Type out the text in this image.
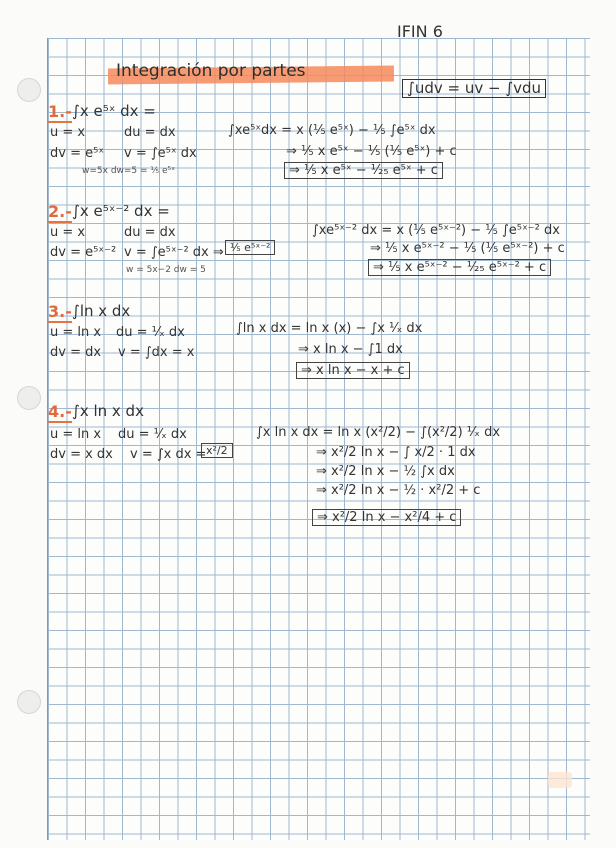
IFIN 6
Integración por partes
∫udv = uv − ∫vdu
1.- ∫x e⁵ˣ dx =
u = x	du = dx
dv = e⁵ˣ v = ∫e⁵ˣ dx
w=5x dw=5 = ⅕ e⁵ˣ
∫xe⁵ˣdx = x (⅕ e⁵ˣ) − ⅕ ∫e⁵ˣ dx
⇒ ⅕ x e⁵ˣ − ⅕ (⅕ e⁵ˣ) + c
⇒ ⅕ x e⁵ˣ − ¹⁄₂₅ e⁵ˣ + c
2.- ∫x e⁵ˣ⁻² dx =
u = x	du = dx
dv = e⁵ˣ⁻² v = ∫e⁵ˣ⁻² dx ⇒ ⅕ e⁵ˣ⁻²
w = 5x−2 dw = 5
∫xe⁵ˣ⁻² dx = x (⅕ e⁵ˣ⁻²) − ⅕ ∫e⁵ˣ⁻² dx
⇒ ⅕ x e⁵ˣ⁻² − ⅕ (⅕ e⁵ˣ⁻²) + c
⇒ ⅕ x e⁵ˣ⁻² − ¹⁄₂₅ e⁵ˣ⁻² + c
3.- ∫ln x dx
u = ln x du = ¹⁄ₓ dx
dv = dx v = ∫dx = x
∫ln x dx = ln x (x) − ∫x ¹⁄ₓ dx
⇒ x ln x − ∫1 dx
⇒ x ln x − x + c
4.- ∫x ln x dx
u = ln x du = ¹⁄ₓ dx
dv = x dx v = ∫x dx = x²/2
∫x ln x dx = ln x (x²/2) − ∫(x²/2) ¹⁄ₓ dx
⇒ x²/2 ln x − ∫ x/2 · 1 dx
⇒ x²/2 ln x − ½ ∫x dx
⇒ x²/2 ln x − ½ · x²/2 + c
⇒ x²/2 ln x − x²/4 + c
